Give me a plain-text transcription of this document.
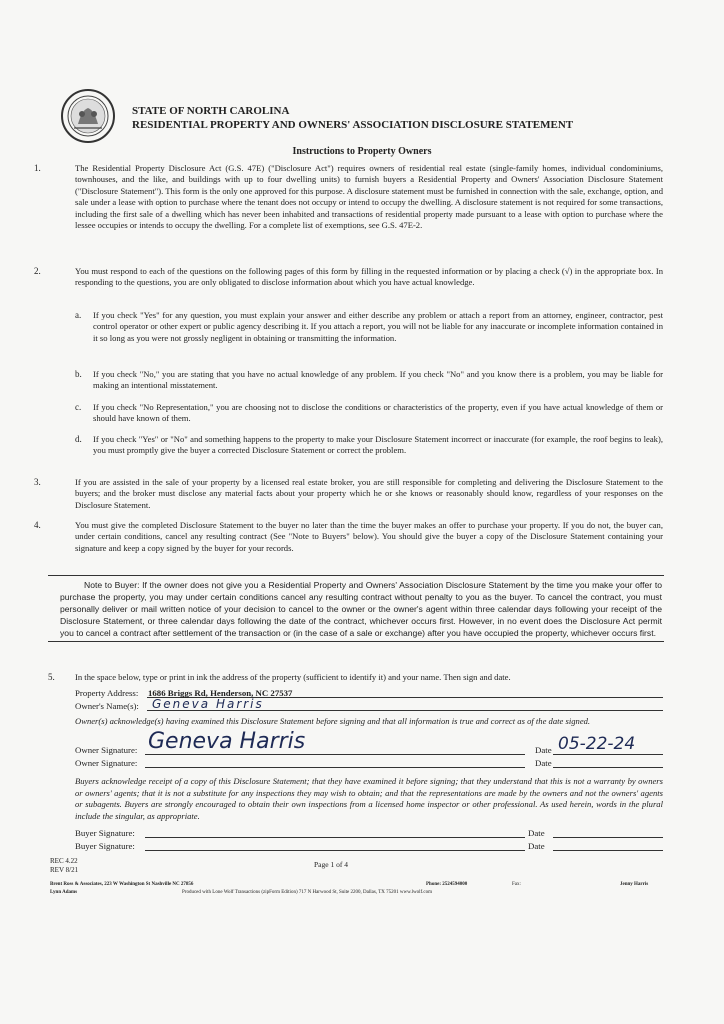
STATE OF NORTH CAROLINA
RESIDENTIAL PROPERTY AND OWNERS' ASSOCIATION DISCLOSURE STATEMENT
Instructions to Property Owners
1.	The Residential Property Disclosure Act (G.S. 47E) ("Disclosure Act") requires owners of residential real estate (single-family homes, individual condominiums, townhouses, and the like, and buildings with up to four dwelling units) to furnish buyers a Residential Property and Owners' Association Disclosure Statement ("Disclosure Statement"). This form is the only one approved for this purpose. A disclosure statement must be furnished in connection with the sale, exchange, option, and sale under a lease with option to purchase where the tenant does not occupy or intend to occupy the dwelling. A disclosure statement is not required for some transactions, including the first sale of a dwelling which has never been inhabited and transactions of residential property made pursuant to a lease with option to purchase where the lessee occupies or intends to occupy the dwelling. For a complete list of exemptions, see G.S. 47E-2.
2.	You must respond to each of the questions on the following pages of this form by filling in the requested information or by placing a check (√) in the appropriate box. In responding to the questions, you are only obligated to disclose information about which you have actual knowledge.
a. If you check "Yes" for any question, you must explain your answer and either describe any problem or attach a report from an attorney, engineer, contractor, pest control operator or other expert or public agency describing it. If you attach a report, you will not be liable for any inaccurate or incomplete information contained in it so long as you were not grossly negligent in obtaining or transmitting the information.
b. If you check "No," you are stating that you have no actual knowledge of any problem. If you check "No" and you know there is a problem, you may be liable for making an intentional misstatement.
c. If you check "No Representation," you are choosing not to disclose the conditions or characteristics of the property, even if you have actual knowledge of them or should have known of them.
d. If you check "Yes" or "No" and something happens to the property to make your Disclosure Statement incorrect or inaccurate (for example, the roof begins to leak), you must promptly give the buyer a corrected Disclosure Statement or correct the problem.
3.	If you are assisted in the sale of your property by a licensed real estate broker, you are still responsible for completing and delivering the Disclosure Statement to the buyers; and the broker must disclose any material facts about your property which he or she knows or reasonably should know, regardless of your responses on the Disclosure Statement.
4.	You must give the completed Disclosure Statement to the buyer no later than the time the buyer makes an offer to purchase your property. If you do not, the buyer can, under certain conditions, cancel any resulting contract (See "Note to Buyers" below). You should give the buyer a copy of the Disclosure Statement containing your signature and keep a copy signed by the buyer for your records.
Note to Buyer: If the owner does not give you a Residential Property and Owners' Association Disclosure Statement by the time you make your offer to purchase the property, you may under certain conditions cancel any resulting contract without penalty to you as the buyer. To cancel the contract, you must personally deliver or mail written notice of your decision to cancel to the owner or the owner's agent within three calendar days following your receipt of the Disclosure Statement, or three calendar days following the date of the contract, whichever occurs first. However, in no event does the Disclosure Act permit you to cancel a contract after settlement of the transaction or (in the case of a sale or exchange) after you have occupied the property, whichever occurs first.
5. In the space below, type or print in ink the address of the property (sufficient to identify it) and your name. Then sign and date.
Property Address: 1686 Briggs Rd, Henderson, NC 27537
Owner's Name(s): Geneva Harris
Owner(s) acknowledge(s) having examined this Disclosure Statement before signing and that all information is true and correct as of the date signed.
Owner Signature: Geneva Harris	Date 05-22-24
Owner Signature:	Date
Buyers acknowledge receipt of a copy of this Disclosure Statement; that they have examined it before signing; that they understand that this is not a warranty by owners or owners' agents; that it is not a substitute for any inspections they may wish to obtain; and that the representations are made by the owners and not the owners' agents or subagents. Buyers are strongly encouraged to obtain their own inspections from a licensed home inspector or other professional. As used herein, words in the plural include the singular, as appropriate.
Buyer Signature:	Date
Buyer Signature:	Date
REC 4.22
REV 8/21
Page 1 of 4
Brent Ross & Associates, 223 W Washington St Nashville NC 27856
Lynn Adams	Produced with Lone Wolf Transactions (zipForm Edition) 717 N Harwood St, Suite 2200, Dallas, TX 75201 www.lwolf.com
Phone: 2524594000	Fax:	Jenny Harris
